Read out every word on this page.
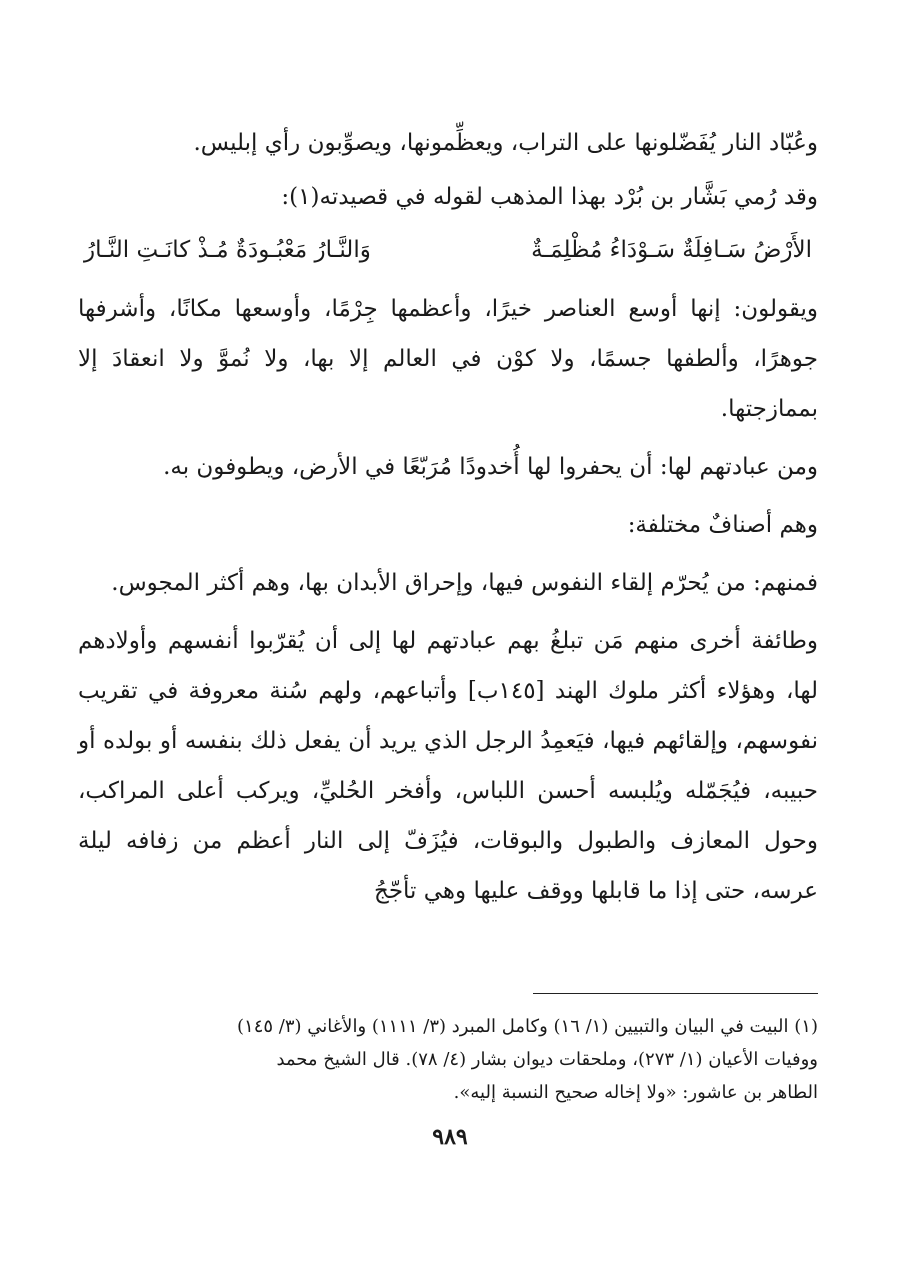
وعُبّاد النار يُفَضّلونها على التراب، ويعظِّمونها، ويصوِّبون رأي إبليس.

وقد رُمي بَشَّار بن بُرْد بهذا المذهب لقوله في قصيدته(١):

الأَرْضُ سَـافِلَةٌ سَـوْدَاءُ مُظْلِمَـةٌ
وَالنَّـارُ مَعْبُـودَةٌ مُـذْ كانَـتِ النَّـارُ

ويقولون: إنها أوسع العناصر خيرًا، وأعظمها جِرْمًا، وأوسعها مكانًا، وأشرفها جوهرًا، وألطفها جسمًا، ولا كوْن في العالم إلا بها، ولا نُموَّ ولا انعقادَ إلا بممازجتها.

ومن عبادتهم لها: أن يحفروا لها أُخدودًا مُرَبّعًا في الأرض، ويطوفون به.

وهم أصنافٌ مختلفة:

فمنهم: من يُحرّم إلقاء النفوس فيها، وإحراق الأبدان بها، وهم أكثر المجوس.

وطائفة أخرى منهم مَن تبلغُ بهم عبادتهم لها إلى أن يُقرّبوا أنفسهم وأولادهم لها، وهؤلاء أكثر ملوك الهند [١٤٥ب] وأتباعهم، ولهم سُنة معروفة في تقريب نفوسهم، وإلقائهم فيها، فيَعمِدُ الرجل الذي يريد أن يفعل ذلك بنفسه أو بولده أو حبيبه، فيُجَمّله ويُلبسه أحسن اللباس، وأفخر الحُليِّ، ويركب أعلى المراكب، وحول المعازف والطبول والبوقات، فيُزَفّ إلى النار أعظم من زفافه ليلة عرسه، حتى إذا ما قابلها ووقف عليها وهي تأجّجُ

(١) البيت في البيان والتبيين (١/ ١٦) وكامل المبرد (٣/ ١١١١) والأغاني (٣/ ١٤٥)
ووفيات الأعيان (١/ ٢٧٣)، وملحقات ديوان بشار (٤/ ٧٨). قال الشيخ محمد
الطاهر بن عاشور: «ولا إخاله صحيح النسبة إليه».
٩٨٩
